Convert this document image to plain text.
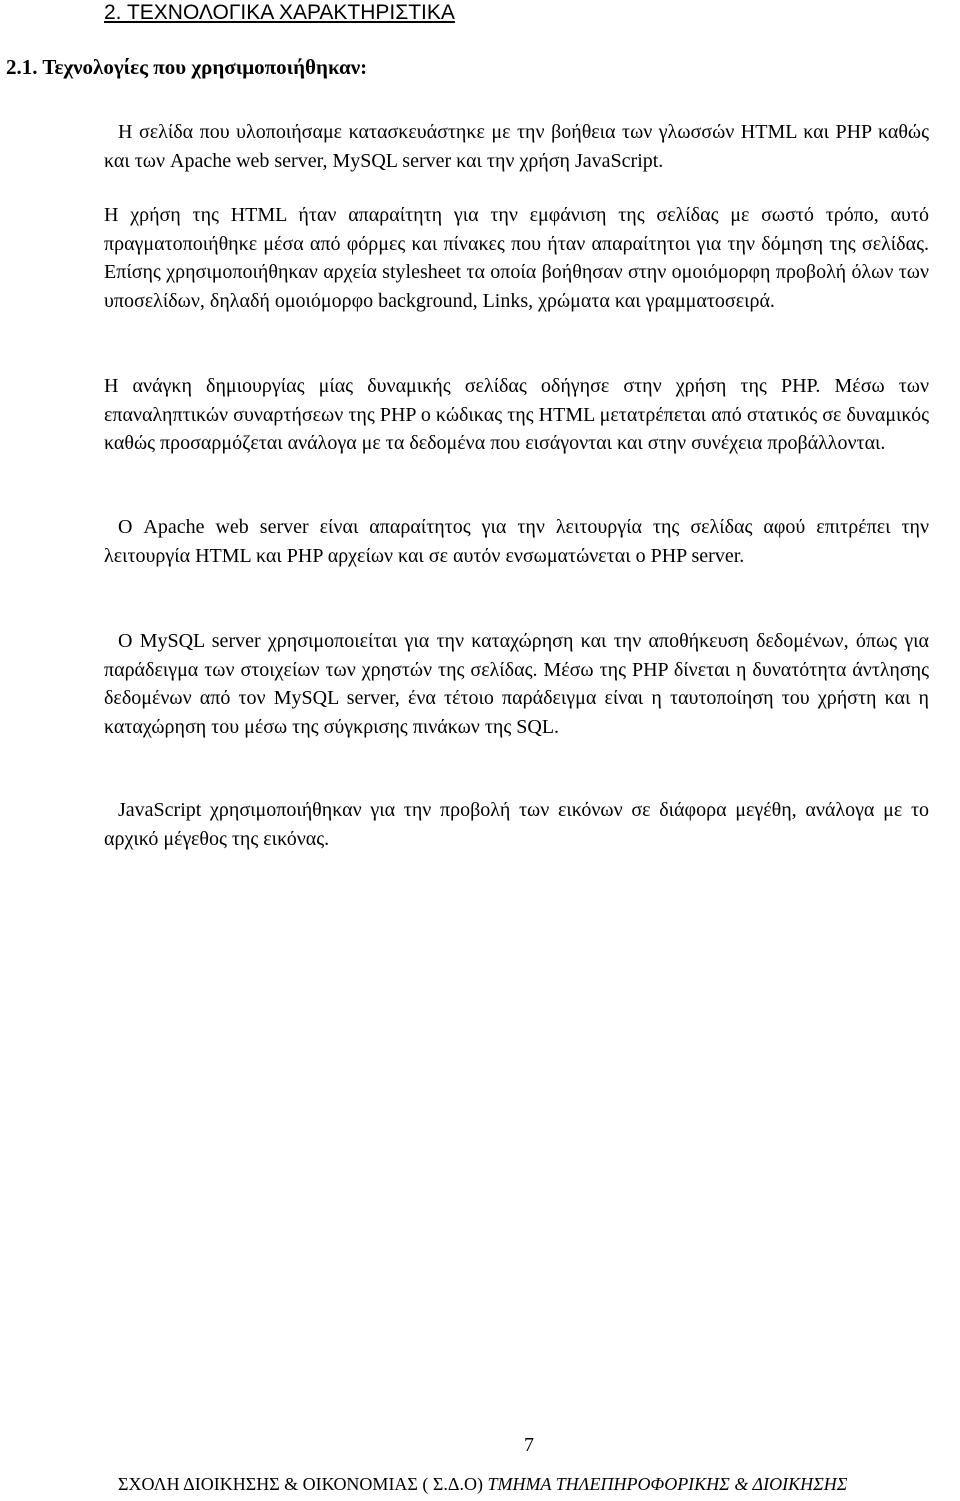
2. ΤΕΧΝΟΛΟΓΙΚΑ ΧΑΡΑΚΤΗΡΙΣΤΙΚΑ
2.1. Τεχνολογίες που χρησιμοποιήθηκαν:

Η σελίδα που υλοποιήσαμε κατασκευάστηκε με την βοήθεια των γλωσσών HTML και PHP καθώς και των Apache web server, MySQL server και την χρήση JavaScript.

Η χρήση της HTML ήταν απαραίτητη για την εμφάνιση της σελίδας με σωστό τρόπο, αυτό πραγματοποιήθηκε μέσα από φόρμες και πίνακες που ήταν απαραίτητοι για την δόμηση της σελίδας. Επίσης χρησιμοποιήθηκαν αρχεία stylesheet τα οποία βοήθησαν στην ομοιόμορφη προβολή όλων των υποσελίδων, δηλαδή ομοιόμορφο background, Links, χρώματα και γραμματοσειρά.

Η ανάγκη δημιουργίας μίας δυναμικής σελίδας οδήγησε στην χρήση της PHP. Μέσω των επαναληπτικών συναρτήσεων της PHP ο κώδικας της HTML μετατρέπεται από στατικός σε δυναμικός καθώς προσαρμόζεται ανάλογα με τα δεδομένα που εισάγονται και στην συνέχεια προβάλλονται.

Ο Apache web server είναι απαραίτητος για την λειτουργία της σελίδας αφού επιτρέπει την λειτουργία HTML και PHP αρχείων και σε αυτόν ενσωματώνεται ο PHP server.

Ο MySQL server χρησιμοποιείται για την καταχώρηση και την αποθήκευση δεδομένων, όπως για παράδειγμα των στοιχείων των χρηστών της σελίδας. Μέσω της PHP δίνεται η δυνατότητα άντλησης δεδομένων από τον MySQL server, ένα τέτοιο παράδειγμα είναι η ταυτοποίηση του χρήστη και η καταχώρηση του μέσω της σύγκρισης πινάκων της SQL.

JavaScript χρησιμοποιήθηκαν για την προβολή των εικόνων σε διάφορα μεγέθη, ανάλογα με το αρχικό μέγεθος της εικόνας.

7
ΣΧΟΛΗ ΔΙΟΙΚΗΣΗΣ & ΟΙΚΟΝΟΜΙΑΣ ( Σ.Δ.Ο) ΤΜΗΜΑ ΤΗΛΕΠΗΡΟΦΟΡΙΚΗΣ & ΔΙΟΙΚΗΣΗΣ
